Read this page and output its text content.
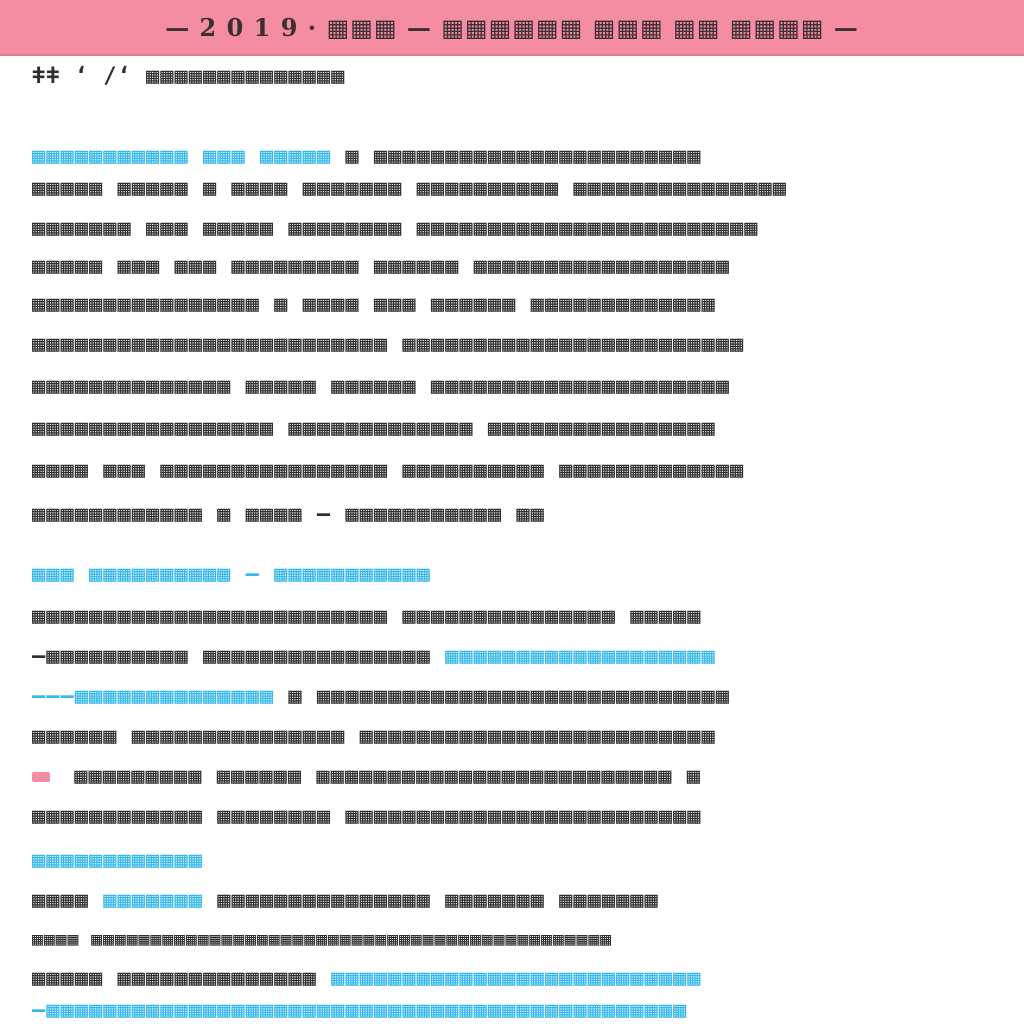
— 2 0 1 9 · ▦▦▦ — ▦▦▦▦▦▦ ▦▦▦ ▦▦ ▦▦▦▦ —
ǂǂ ʻ /ʻ ▦▦▦▦▦▦▦▦▦▦▦▦▦▦
▦▦▦▦▦▦▦▦▦▦▦ ▦▦▦ ▦▦▦▦▦ ▦ ▦▦▦▦▦▦▦▦▦▦▦▦▦▦▦▦▦▦▦▦▦▦▦
▦▦▦▦▦ ▦▦▦▦▦ ▦ ▦▦▦▦ ▦▦▦▦▦▦▦ ▦▦▦▦▦▦▦▦▦▦ ▦▦▦▦▦▦▦▦▦▦▦▦▦▦▦
▦▦▦▦▦▦▦ ▦▦▦ ▦▦▦▦▦ ▦▦▦▦▦▦▦▦ ▦▦▦▦▦▦▦▦▦▦▦▦▦▦▦▦▦▦▦▦▦▦▦▦
▦▦▦▦▦ ▦▦▦ ▦▦▦ ▦▦▦▦▦▦▦▦▦ ▦▦▦▦▦▦ ▦▦▦▦▦▦▦▦▦▦▦▦▦▦▦▦▦▦
▦▦▦▦▦▦▦▦▦▦▦▦▦▦▦▦ ▦ ▦▦▦▦ ▦▦▦ ▦▦▦▦▦▦ ▦▦▦▦▦▦▦▦▦▦▦▦▦
▦▦▦▦▦▦▦▦▦▦▦▦▦▦▦▦▦▦▦▦▦▦▦▦▦ ▦▦▦▦▦▦▦▦▦▦▦▦▦▦▦▦▦▦▦▦▦▦▦▦
▦▦▦▦▦▦▦▦▦▦▦▦▦▦ ▦▦▦▦▦ ▦▦▦▦▦▦ ▦▦▦▦▦▦▦▦▦▦▦▦▦▦▦▦▦▦▦▦▦
▦▦▦▦▦▦▦▦▦▦▦▦▦▦▦▦▦ ▦▦▦▦▦▦▦▦▦▦▦▦▦ ▦▦▦▦▦▦▦▦▦▦▦▦▦▦▦▦
▦▦▦▦ ▦▦▦ ▦▦▦▦▦▦▦▦▦▦▦▦▦▦▦▦ ▦▦▦▦▦▦▦▦▦▦ ▦▦▦▦▦▦▦▦▦▦▦▦▦
▦▦▦▦▦▦▦▦▦▦▦▦ ▦ ▦▦▦▦ — ▦▦▦▦▦▦▦▦▦▦▦ ▦▦
▦▦▦ ▦▦▦▦▦▦▦▦▦▦ — ▦▦▦▦▦▦▦▦▦▦▦
▦▦▦▦▦▦▦▦▦▦▦▦▦▦▦▦▦▦▦▦▦▦▦▦▦ ▦▦▦▦▦▦▦▦▦▦▦▦▦▦▦ ▦▦▦▦▦
—▦▦▦▦▦▦▦▦▦▦ ▦▦▦▦▦▦▦▦▦▦▦▦▦▦▦▦ ▦▦▦▦▦▦▦▦▦▦▦▦▦▦▦▦▦▦▦
———▦▦▦▦▦▦▦▦▦▦▦▦▦▦ ▦ ▦▦▦▦▦▦▦▦▦▦▦▦▦▦▦▦▦▦▦▦▦▦▦▦▦▦▦▦▦
▦▦▦▦▦▦ ▦▦▦▦▦▦▦▦▦▦▦▦▦▦▦ ▦▦▦▦▦▦▦▦▦▦▦▦▦▦▦▦▦▦▦▦▦▦▦▦▦
▦▦▦▦▦▦▦▦▦ ▦▦▦▦▦▦ ▦▦▦▦▦▦▦▦▦▦▦▦▦▦▦▦▦▦▦▦▦▦▦▦▦ ▦
▦▦▦▦▦▦▦▦▦▦▦▦ ▦▦▦▦▦▦▦▦ ▦▦▦▦▦▦▦▦▦▦▦▦▦▦▦▦▦▦▦▦▦▦▦▦▦
▦▦▦▦▦▦▦▦▦▦▦▦
▦▦▦▦ ▦▦▦▦▦▦▦ ▦▦▦▦▦▦▦▦▦▦▦▦▦▦▦ ▦▦▦▦▦▦▦ ▦▦▦▦▦▦▦
▦▦▦▦ ▦▦▦▦▦▦▦▦▦▦▦▦▦▦▦▦▦▦▦▦▦▦▦▦▦▦▦▦▦▦▦▦▦▦▦▦▦▦▦▦▦▦▦▦
▦▦▦▦▦ ▦▦▦▦▦▦▦▦▦▦▦▦▦▦ ▦▦▦▦▦▦▦▦▦▦▦▦▦▦▦▦▦▦▦▦▦▦▦▦▦▦
—▦▦▦▦▦▦▦▦▦▦▦▦▦▦▦▦▦▦▦▦▦▦▦▦▦▦▦▦▦▦▦▦▦▦▦▦▦▦▦▦▦▦▦▦▦
